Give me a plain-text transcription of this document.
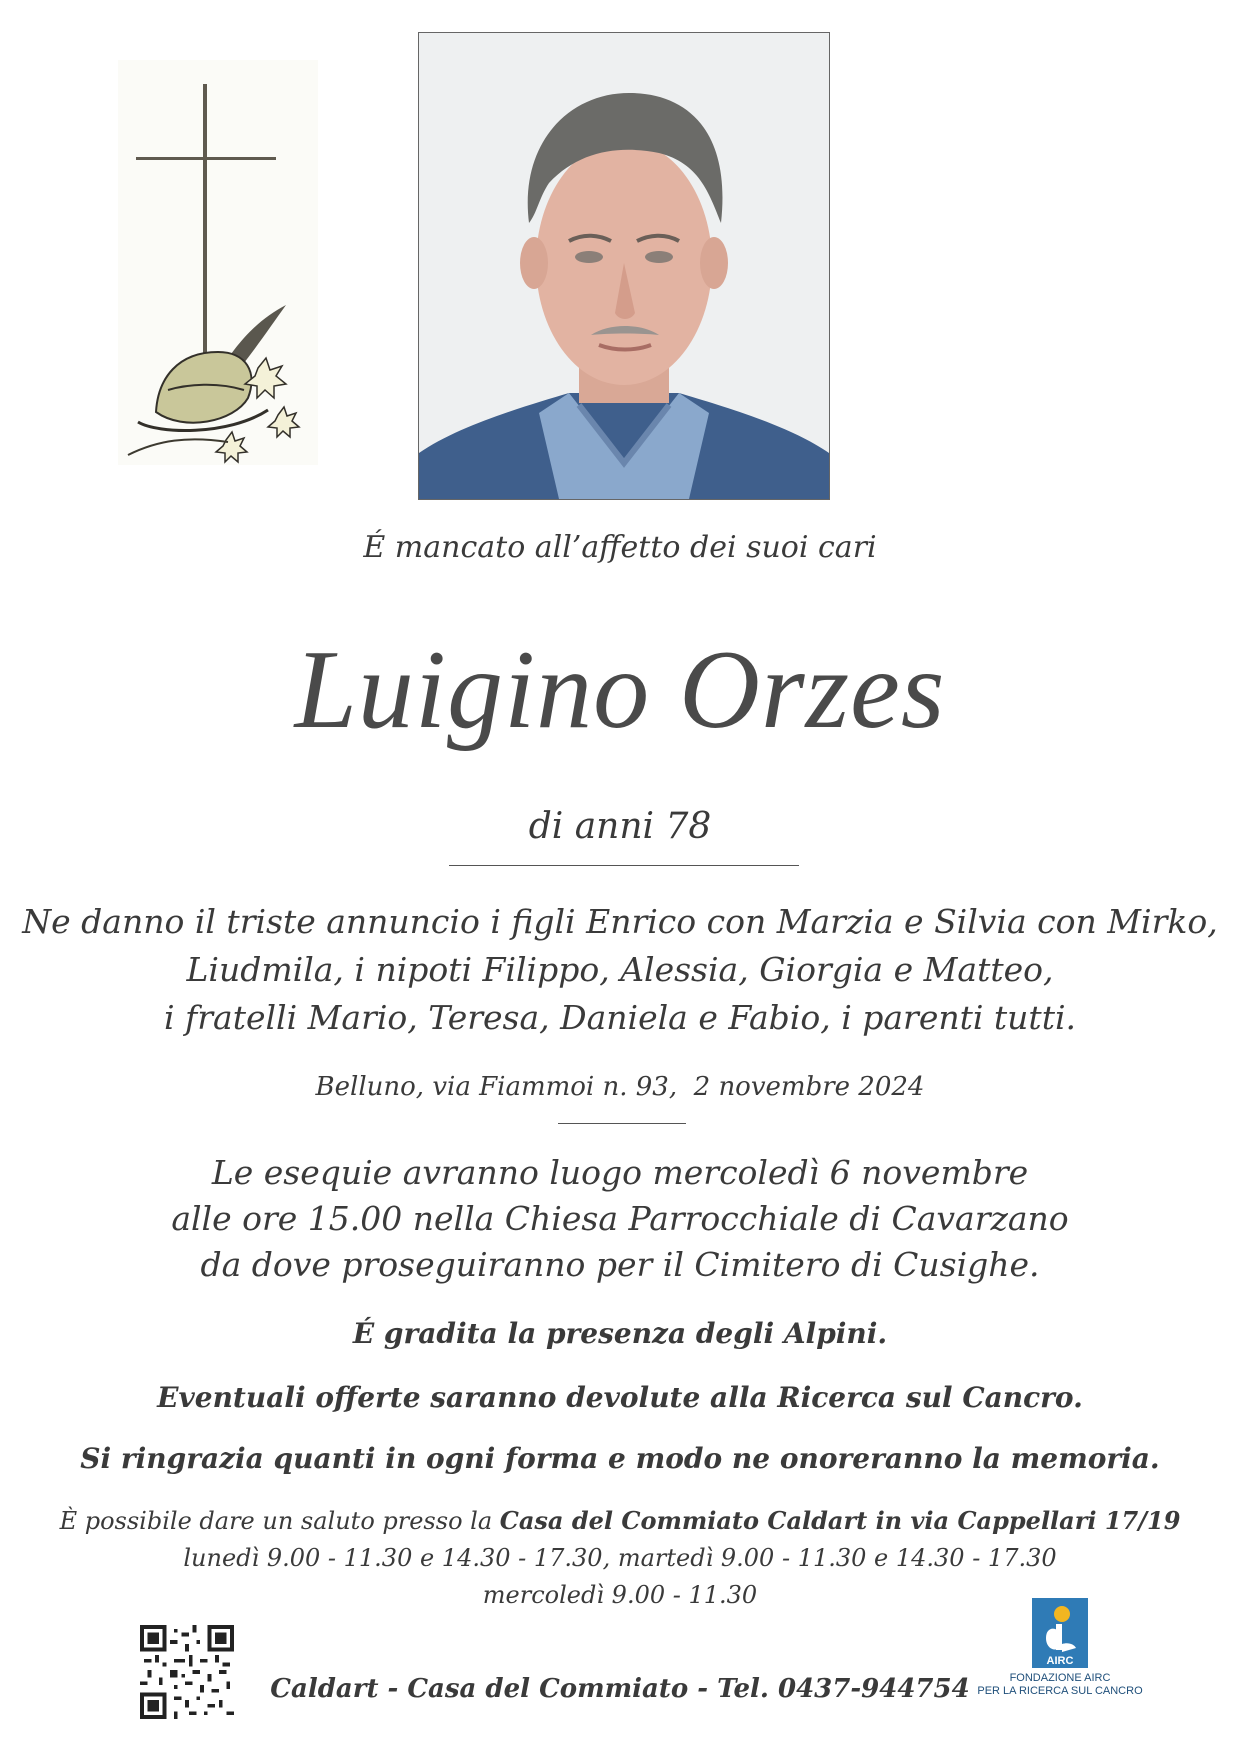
É mancato all’affetto dei suoi cari
Luigino Orzes
di anni 78
Ne danno il triste annuncio i figli Enrico con Marzia e Silvia con Mirko,
Liudmila, i nipoti Filippo, Alessia, Giorgia e Matteo,
i fratelli Mario, Teresa, Daniela e Fabio, i parenti tutti.
Belluno, via Fiammoi n. 93,  2 novembre 2024
Le esequie avranno luogo mercoledì 6 novembre
alle ore 15.00 nella Chiesa Parrocchiale di Cavarzano
da dove proseguiranno per il Cimitero di Cusighe.
É gradita la presenza degli Alpini.
Eventuali offerte saranno devolute alla Ricerca sul Cancro.
Si ringrazia quanti in ogni forma e modo ne onoreranno la memoria.
È possibile dare un saluto presso la Casa del Commiato Caldart in via Cappellari 17/19
lunedì 9.00 - 11.30 e 14.30 - 17.30, martedì 9.00 - 11.30 e 14.30 - 17.30
mercoledì 9.00 - 11.30
Caldart - Casa del Commiato - Tel. 0437-944754
AIRC
FONDAZIONE AIRC
PER LA RICERCA SUL CANCRO
